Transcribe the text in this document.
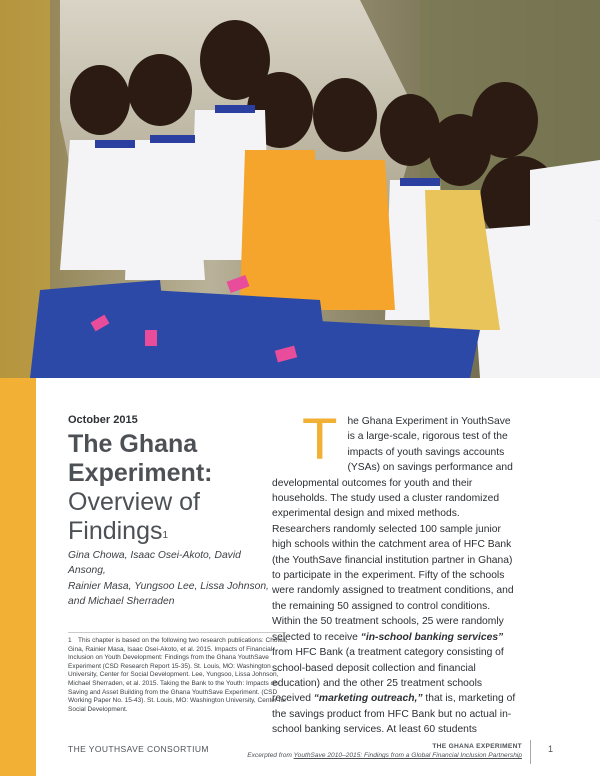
October 2015
The Ghana
Experiment:
Overview of
Findings$^1$
Gina Chowa, Isaac Osei-Akoto, David Ansong,
Rainier Masa, Yungsoo Lee, Lissa Johnson,
and Michael Sherraden
1 This chapter is based on the following two research publications: Chowa, Gina, Rainier Masa, Isaac Osei-Akoto, et al. 2015. Impacts of Financial Inclusion on Youth Development: Findings from the Ghana YouthSave Experiment (CSD Research Report 15-35). St. Louis, MO: Washington University, Center for Social Development. Lee, Yungsoo, Lissa Johnson, Michael Sherraden, et al. 2015. Taking the Bank to the Youth: Impacts on Saving and Asset Building from the Ghana YouthSave Experiment. (CSD Working Paper No. 15-43). St. Louis, MO: Washington University, Center for Social Development.
The Ghana Experiment in YouthSave is a large-scale, rigorous test of the impacts of youth savings accounts (YSAs) on savings performance and developmental outcomes for youth and their households. The study used a cluster randomized experimental design and mixed methods. Researchers randomly selected 100 sample junior high schools within the catchment area of HFC Bank (the YouthSave financial institution partner in Ghana) to participate in the experiment. Fifty of the schools were randomly assigned to treatment conditions, and the remaining 50 assigned to control conditions. Within the 50 treatment schools, 25 were randomly selected to receive “in-school banking services” from HFC Bank (a treatment category consisting of school-based deposit collection and financial education) and the other 25 treatment schools received “marketing outreach,” that is, marketing of the savings product from HFC Bank but no actual in-school banking services. At least 60 students
THE YOUTHSAVE CONSORTIUM	THE GHANA EXPERIMENT
Excerpted from YouthSave 2010–2015: Findings from a Global Financial Inclusion Partnership
1
